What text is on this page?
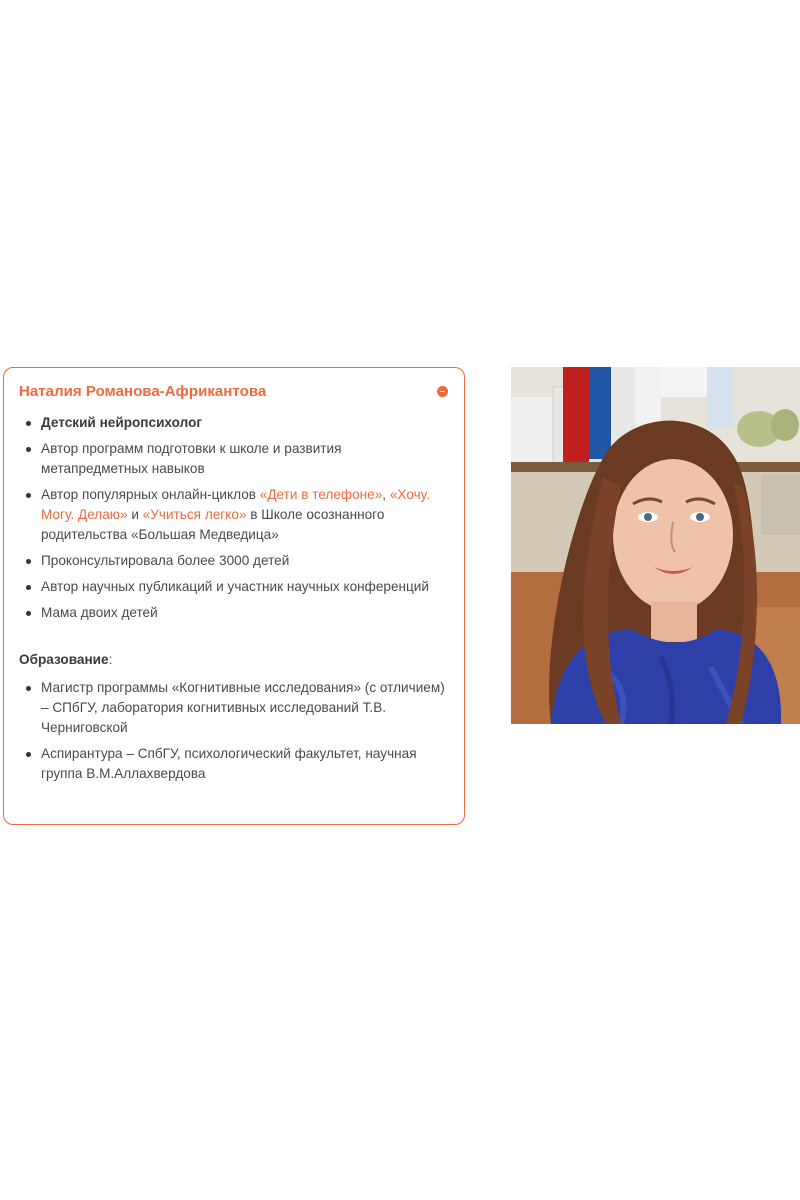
Наталия Романова-Африкантова
Детский нейропсихолог
Автор программ подготовки к школе и развития метапредметных навыков
Автор популярных онлайн-циклов «Дети в телефоне», «Хочу. Могу. Делаю» и «Учиться легко» в Школе осознанного родительства «Большая Медведица»
Проконсультировала более 3000 детей
Автор научных публикаций и участник научных конференций
Мама двоих детей
Образование:
Магистр программы «Когнитивные исследования» (с отличием) – СПбГУ, лаборатория когнитивных исследований Т.В. Черниговской
Аспирантура – СпбГУ, психологический факультет, научная группа В.М.Аллахвердова
